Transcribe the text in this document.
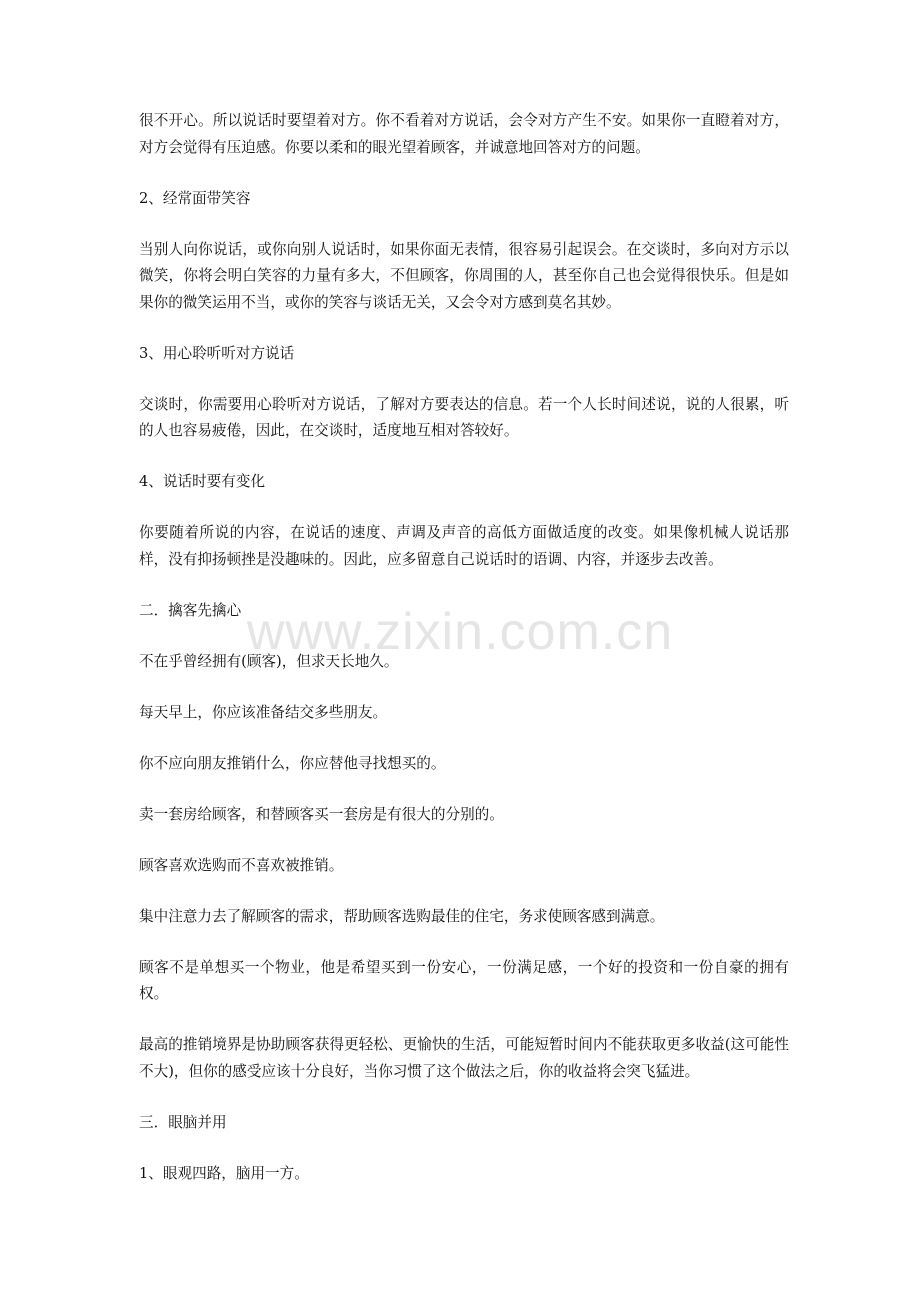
很不开心。所以说话时要望着对方。你不看着对方说话，会令对方产生不安。如果你一直瞪着对方，对方会觉得有压迫感。你要以柔和的眼光望着顾客，并诚意地回答对方的问题。

2、经常面带笑容

当别人向你说话，或你向别人说话时，如果你面无表情，很容易引起误会。在交谈时，多向对方示以微笑，你将会明白笑容的力量有多大，不但顾客，你周围的人，甚至你自己也会觉得很快乐。但是如果你的微笑运用不当，或你的笑容与谈话无关，又会令对方感到莫名其妙。

3、用心聆听听对方说话

交谈时，你需要用心聆听对方说话，了解对方要表达的信息。若一个人长时间述说，说的人很累，听的人也容易疲倦，因此，在交谈时，适度地互相对答较好。

4、说话时要有变化

你要随着所说的内容，在说话的速度、声调及声音的高低方面做适度的改变。如果像机械人说话那样，没有抑扬顿挫是没趣味的。因此，应多留意自己说话时的语调、内容，并逐步去改善。

二．擒客先擒心

不在乎曾经拥有(顾客)，但求天长地久。

每天早上，你应该准备结交多些朋友。

你不应向朋友推销什么，你应替他寻找想买的。

卖一套房给顾客，和替顾客买一套房是有很大的分别的。

顾客喜欢选购而不喜欢被推销。

集中注意力去了解顾客的需求，帮助顾客选购最佳的住宅，务求使顾客感到满意。

顾客不是单想买一个物业，他是希望买到一份安心，一份满足感，一个好的投资和一份自豪的拥有权。

最高的推销境界是协助顾客获得更轻松、更愉快的生活，可能短暂时间内不能获取更多收益(这可能性不大)，但你的感受应该十分良好，当你习惯了这个做法之后，你的收益将会突飞猛进。

三．眼脑并用

1、眼观四路，脑用一方。

www.zixin.com.cn
